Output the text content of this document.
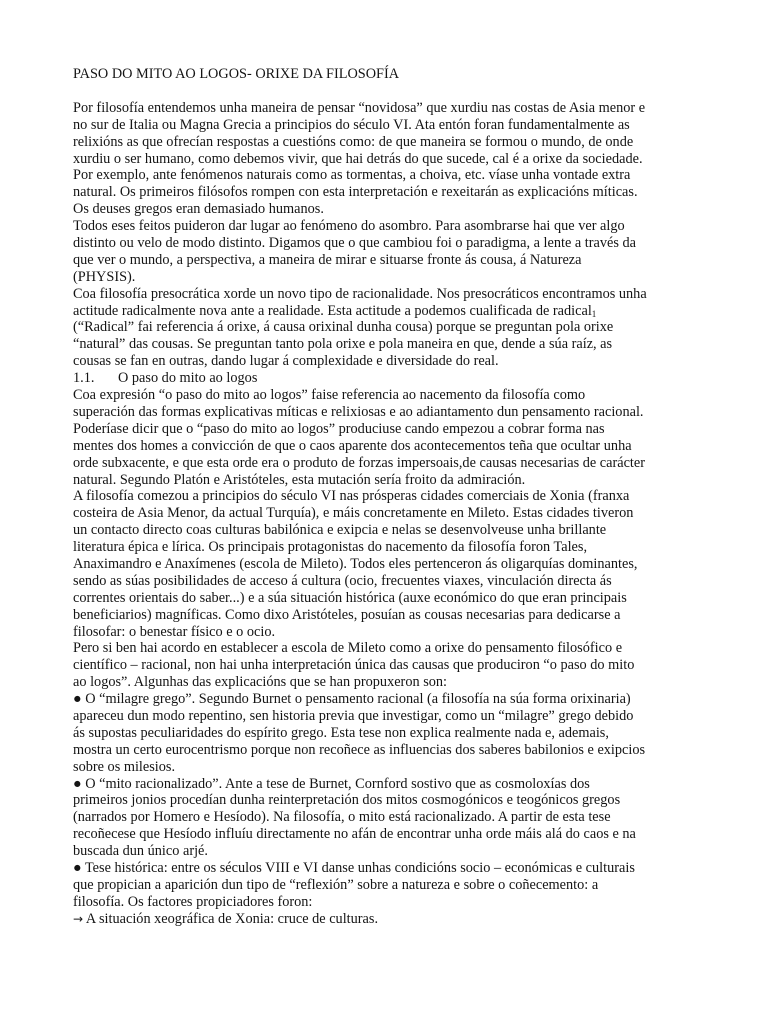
PASO DO MITO AO LOGOS- ORIXE DA FILOSOFÍA
Por filosofía entendemos unha maneira de pensar “novidosa” que xurdiu nas costas de Asia menor e
no sur de Italia ou Magna Grecia a principios do século VI. Ata entón foran fundamentalmente as
relixións as que ofrecían respostas a cuestións como: de que maneira se formou o mundo, de onde
xurdiu o ser humano, como debemos vivir, que hai detrás do que sucede, cal é a orixe da sociedade.
Por exemplo, ante fenómenos naturais como as tormentas, a choiva, etc. víase unha vontade extra
natural. Os primeiros filósofos rompen con esta interpretación e rexeitarán as explicacións míticas.
Os deuses gregos eran demasiado humanos.
Todos eses feitos puideron dar lugar ao fenómeno do asombro. Para asombrarse hai que ver algo
distinto ou velo de modo distinto. Digamos que o que cambiou foi o paradigma, a lente a través da
que ver o mundo, a perspectiva, a maneira de mirar e situarse fronte ás cousa, á Natureza
(PHYSIS).
Coa filosofía presocrática xorde un novo tipo de racionalidade. Nos presocráticos encontramos unha
actitude radicalmente nova ante a realidade. Esta actitude a podemos cualificada de radical$_1$
(“Radical” fai referencia á orixe, á causa orixinal dunha cousa) porque se preguntan pola orixe
“natural” das cousas. Se preguntan tanto pola orixe e pola maneira en que, dende a súa raíz, as
cousas se fan en outras, dando lugar á complexidade e diversidade do real.
1.1. O paso do mito ao logos
Coa expresión “o paso do mito ao logos” faise referencia ao nacemento da filosofía como
superación das formas explicativas míticas e relixiosas e ao adiantamento dun pensamento racional.
Poderíase dicir que o “paso do mito ao logos” produciuse cando empezou a cobrar forma nas
mentes dos homes a convicción de que o caos aparente dos acontecementos teña que ocultar unha
orde subxacente, e que esta orde era o produto de forzas impersoais,de causas necesarias de carácter
natural. Segundo Platón e Aristóteles, esta mutación sería froito da admiración.
A filosofía comezou a principios do século VI nas prósperas cidades comerciais de Xonia (franxa
costeira de Asia Menor, da actual Turquía), e máis concretamente en Mileto. Estas cidades tiveron
un contacto directo coas culturas babilónica e exipcia e nelas se desenvolveuse unha brillante
literatura épica e lírica. Os principais protagonistas do nacemento da filosofía foron Tales,
Anaximandro e Anaxímenes (escola de Mileto). Todos eles pertenceron ás oligarquías dominantes,
sendo as súas posibilidades de acceso á cultura (ocio, frecuentes viaxes, vinculación directa ás
correntes orientais do saber...) e a súa situación histórica (auxe económico do que eran principais
beneficiarios) magníficas. Como dixo Aristóteles, posuían as cousas necesarias para dedicarse a
filosofar: o benestar físico e o ocio.
Pero si ben hai acordo en establecer a escola de Mileto como a orixe do pensamento filosófico e
científico – racional, non hai unha interpretación única das causas que produciron “o paso do mito
ao logos”. Algunhas das explicacións que se han propuxeron son:
● O “milagre grego”. Segundo Burnet o pensamento racional (a filosofía na súa forma orixinaria)
apareceu dun modo repentino, sen historia previa que investigar, como un “milagre” grego debido
ás supostas peculiaridades do espírito grego. Esta tese non explica realmente nada e, ademais,
mostra un certo eurocentrismo porque non recoñece as influencias dos saberes babilonios e exipcios
sobre os milesios.
● O “mito racionalizado”. Ante a tese de Burnet, Cornford sostivo que as cosmoloxías dos
primeiros jonios procedían dunha reinterpretación dos mitos cosmogónicos e teogónicos gregos
(narrados por Homero e Hesíodo). Na filosofía, o mito está racionalizado. A partir de esta tese
recoñecese que Hesíodo influíu directamente no afán de encontrar unha orde máis alá do caos e na
buscada dun único arjé.
● Tese histórica: entre os séculos VIII e VI danse unhas condicións socio – económicas e culturais
que propician a aparición dun tipo de “reflexión” sobre a natureza e sobre o coñecemento: a
filosofía. Os factores propiciadores foron:
→ A situación xeográfica de Xonia: cruce de culturas.
